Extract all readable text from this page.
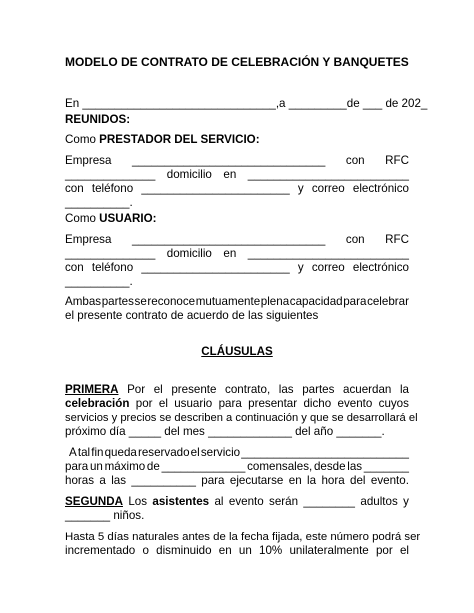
MODELO DE CONTRATO DE CELEBRACIÓN Y BANQUETES
En ______________________________,a _________de ___ de 202_
REUNIDOS:
Como PRESTADOR DEL SERVICIO:
Empresa ______________________________ con RFC
______________ domicilio en _________________________
con teléfono _______________________ y correo electrónico
__________.
Como USUARIO:
Empresa ______________________________ con RFC
______________ domicilio en _________________________
con teléfono _______________________ y correo electrónico
__________.
Ambas partes se reconoce mutuamente plena capacidad para celebrar
el presente contrato de acuerdo de las siguientes
CLÁUSULAS
PRIMERA Por el presente contrato, las partes acuerdan la
celebración por el usuario para presentar dicho evento cuyos
servicios y precios se describen a continuación y que se desarrollará el
próximo día _____ del mes _____________ del año _______.
A tal fin queda reservado el servicio __________________________
para un máximo de _____________ comensales, desde las _______
horas a las __________ para ejecutarse en la hora del evento.
SEGUNDA Los asistentes al evento serán ________ adultos y
_______ niños.
Hasta 5 días naturales antes de la fecha fijada, este número podrá ser
incrementado o disminuido en un 10% unilateralmente por el
